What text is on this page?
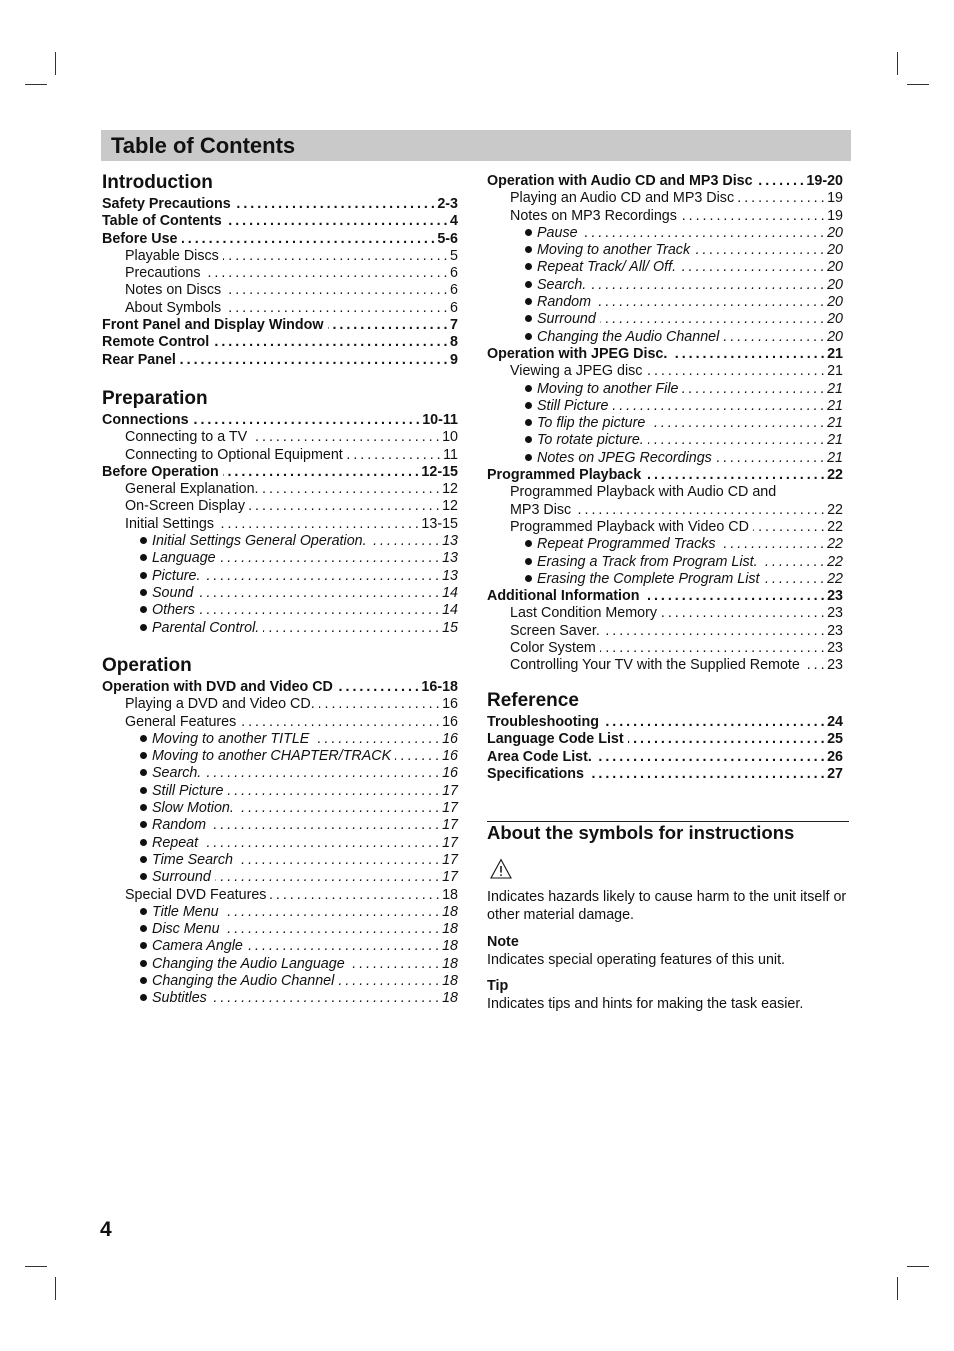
Table of Contents
Introduction
Safety Precautions . . .	2-3
Table of Contents . . .	4
Before Use . . .	5-6
Playable Discs . . .	5
Precautions . . .	6
Notes on Discs . . .	6
About Symbols . . .	6
Front Panel and Display Window . . .	7
Remote Control . . .	8
Rear Panel . . .	9
Preparation
Connections . . .	10-11
Connecting to a TV . . .	10
Connecting to Optional Equipment . . .	11
Before Operation . . .	12-15
General Explanation. . . .	12
On-Screen Display . . .	12
Initial Settings . . .	13-15
Initial Settings General Operation. . . .	13
Language . . .	13
Picture. . . .	13
Sound . . .	14
Others . . .	14
Parental Control. . . .	15
Operation
Operation with DVD and Video CD . . .	16-18
Playing a DVD and Video CD. . . .	16
General Features . . .	16
Moving to another TITLE . . .	16
Moving to another CHAPTER/TRACK . . .	16
Search. . . .	16
Still Picture . . .	17
Slow Motion. . . .	17
Random . . .	17
Repeat . . .	17
Time Search . . .	17
Surround . . .	17
Special DVD Features . . .	18
Title Menu . . .	18
Disc Menu . . .	18
Camera Angle . . .	18
Changing the Audio Language . . .	18
Changing the Audio Channel . . .	18
Subtitles . . .	18
Operation with Audio CD and MP3 Disc . . .	19-20
Playing an Audio CD and MP3 Disc . . .	19
Notes on MP3 Recordings . . .	19
Pause . . .	20
Moving to another Track . . .	20
Repeat Track/ All/ Off. . . .	20
Search. . . .	20
Random . . .	20
Surround . . .	20
Changing the Audio Channel . . .	20
Operation with JPEG Disc. . . .	21
Viewing a JPEG disc . . .	21
Moving to another File . . .	21
Still Picture . . .	21
To flip the picture . . .	21
To rotate picture. . . .	21
Notes on JPEG Recordings . . .	21
Programmed Playback . . .	22
Programmed Playback with Audio CD and
MP3 Disc . . .	22
Programmed Playback with Video CD . . .	22
Repeat Programmed Tracks . . .	22
Erasing a Track from Program List. . . .	22
Erasing the Complete Program List . . .	22
Additional Information . . .	23
Last Condition Memory . . .	23
Screen Saver. . . .	23
Color System . . .	23
Controlling Your TV with the Supplied Remote . . . 23
Reference
Troubleshooting . . .	24
Language Code List . . .	25
Area Code List. . . .	26
Specifications . . .	27
About the symbols for instructions

Indicates hazards likely to cause harm to the unit itself or other material damage.

Note

Indicates special operating features of this unit.

Tip

Indicates tips and hints for making the task easier.

4
